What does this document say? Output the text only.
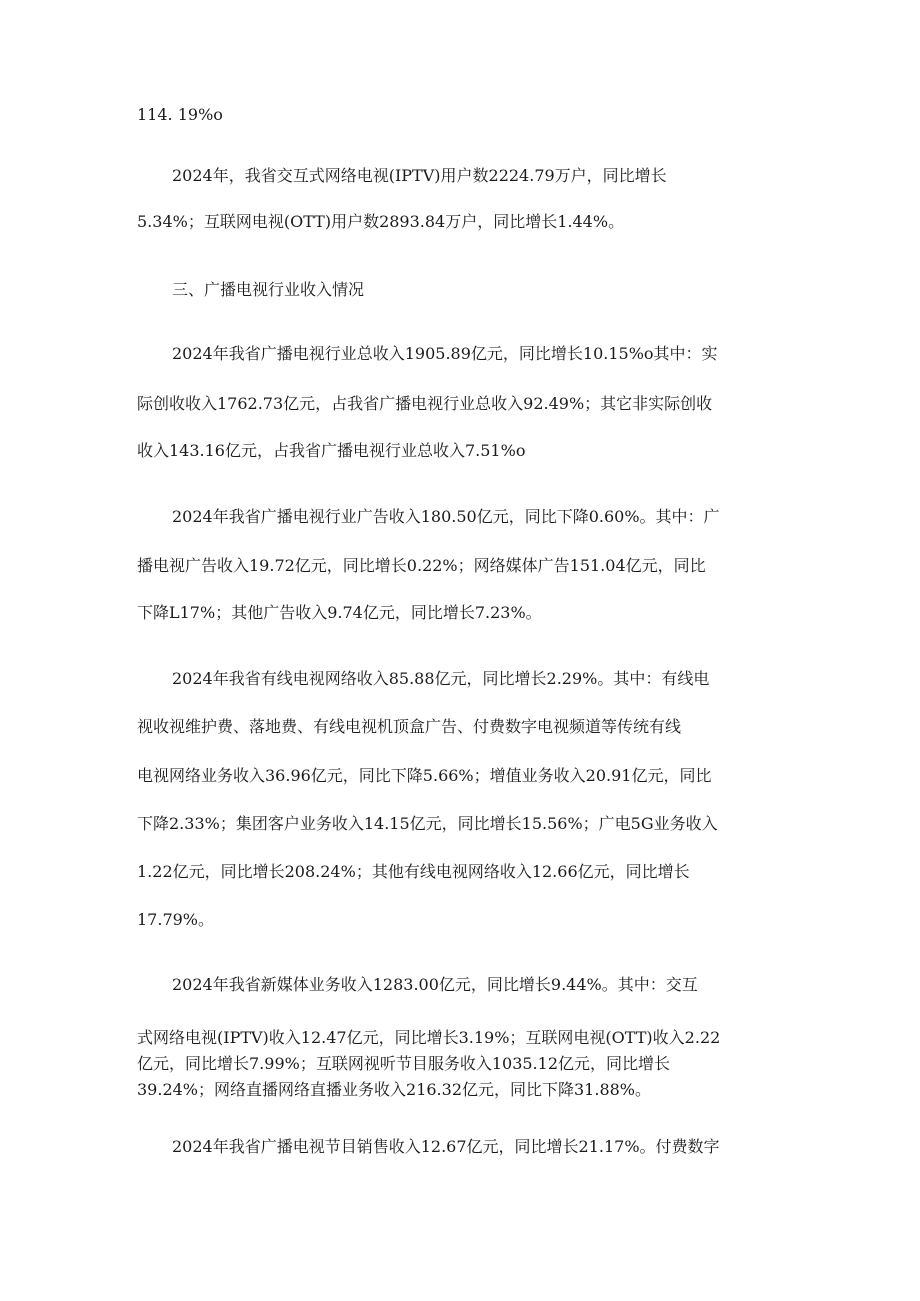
114. 19%o
2024年，我省交互式网络电视(IPTV)用户数2224.79万户，同比增长
5.34%；互联网电视(OTT)用户数2893.84万户，同比增长1.44%。
三、广播电视行业收入情况
2024年我省广播电视行业总收入1905.89亿元，同比增长10.15%o其中：实
际创收收入1762.73亿元，占我省广播电视行业总收入92.49%；其它非实际创收
收入143.16亿元，占我省广播电视行业总收入7.51%o
2024年我省广播电视行业广告收入180.50亿元，同比下降0.60%。其中：广
播电视广告收入19.72亿元，同比增长0.22%；网络媒体广告151.04亿元，同比
下降L17%；其他广告收入9.74亿元，同比增长7.23%。
2024年我省有线电视网络收入85.88亿元，同比增长2.29%。其中：有线电
视收视维护费、落地费、有线电视机顶盒广告、付费数字电视频道等传统有线
电视网络业务收入36.96亿元，同比下降5.66%；增值业务收入20.91亿元，同比
下降2.33%；集团客户业务收入14.15亿元，同比增长15.56%；广电5G业务收入
1.22亿元，同比增长208.24%；其他有线电视网络收入12.66亿元，同比增长
17.79%。
2024年我省新媒体业务收入1283.00亿元，同比增长9.44%。其中：交互
式网络电视(IPTV)收入12.47亿元，同比增长3.19%；互联网电视(OTT)收入2.22
亿元，同比增长7.99%；互联网视听节目服务收入1035.12亿元，同比增长
39.24%；网络直播网络直播业务收入216.32亿元，同比下降31.88%。
2024年我省广播电视节目销售收入12.67亿元，同比增长21.17%。付费数字
